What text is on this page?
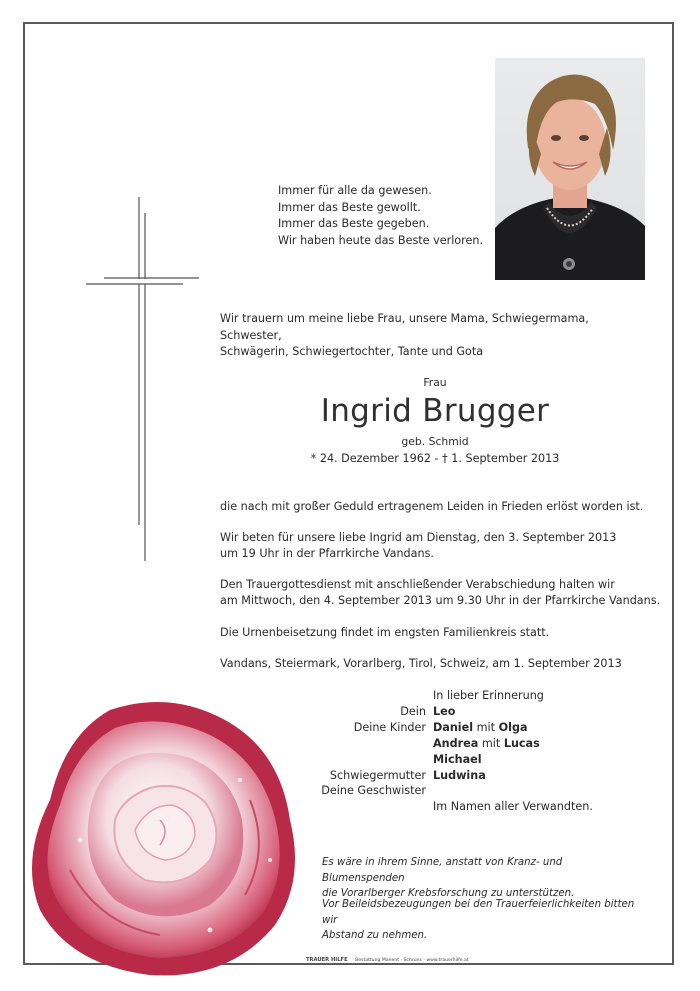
Immer für alle da gewesen.
Immer das Beste gewollt.
Immer das Beste gegeben.
Wir haben heute das Beste verloren.
Wir trauern um meine liebe Frau, unsere Mama, Schwiegermama, Schwester,
Schwägerin, Schwiegertochter, Tante und Gota
Frau
Ingrid Brugger
geb. Schmid
* 24. Dezember 1962 - † 1. September 2013
die nach mit großer Geduld ertragenem Leiden in Frieden erlöst worden ist.
Wir beten für unsere liebe Ingrid am Dienstag, den 3. September 2013
um 19 Uhr in der Pfarrkirche Vandans.
Den Trauergottesdienst mit anschließender Verabschiedung halten wir
am Mittwoch, den 4. September 2013 um 9.30 Uhr in der Pfarrkirche Vandans.
Die Urnenbeisetzung findet im engsten Familienkreis statt.
Vandans, Steiermark, Vorarlberg, Tirol, Schweiz, am 1. September 2013
In lieber Erinnerung
Dein Leo
Deine Kinder Daniel mit Olga
Andrea mit Lucas
Michael
Schwiegermutter Ludwina
Deine Geschwister
Im Namen aller Verwandten.
Es wäre in ihrem Sinne, anstatt von Kranz- und Blumenspenden
die Vorarlberger Krebsforschung zu unterstützen.
Vor Beileidsbezeugungen bei den Trauerfeierlichkeiten bitten wir
Abstand zu nehmen.
TRAUER HILFE Bestattung Manent · Schruns · www.trauerhilfe.at
